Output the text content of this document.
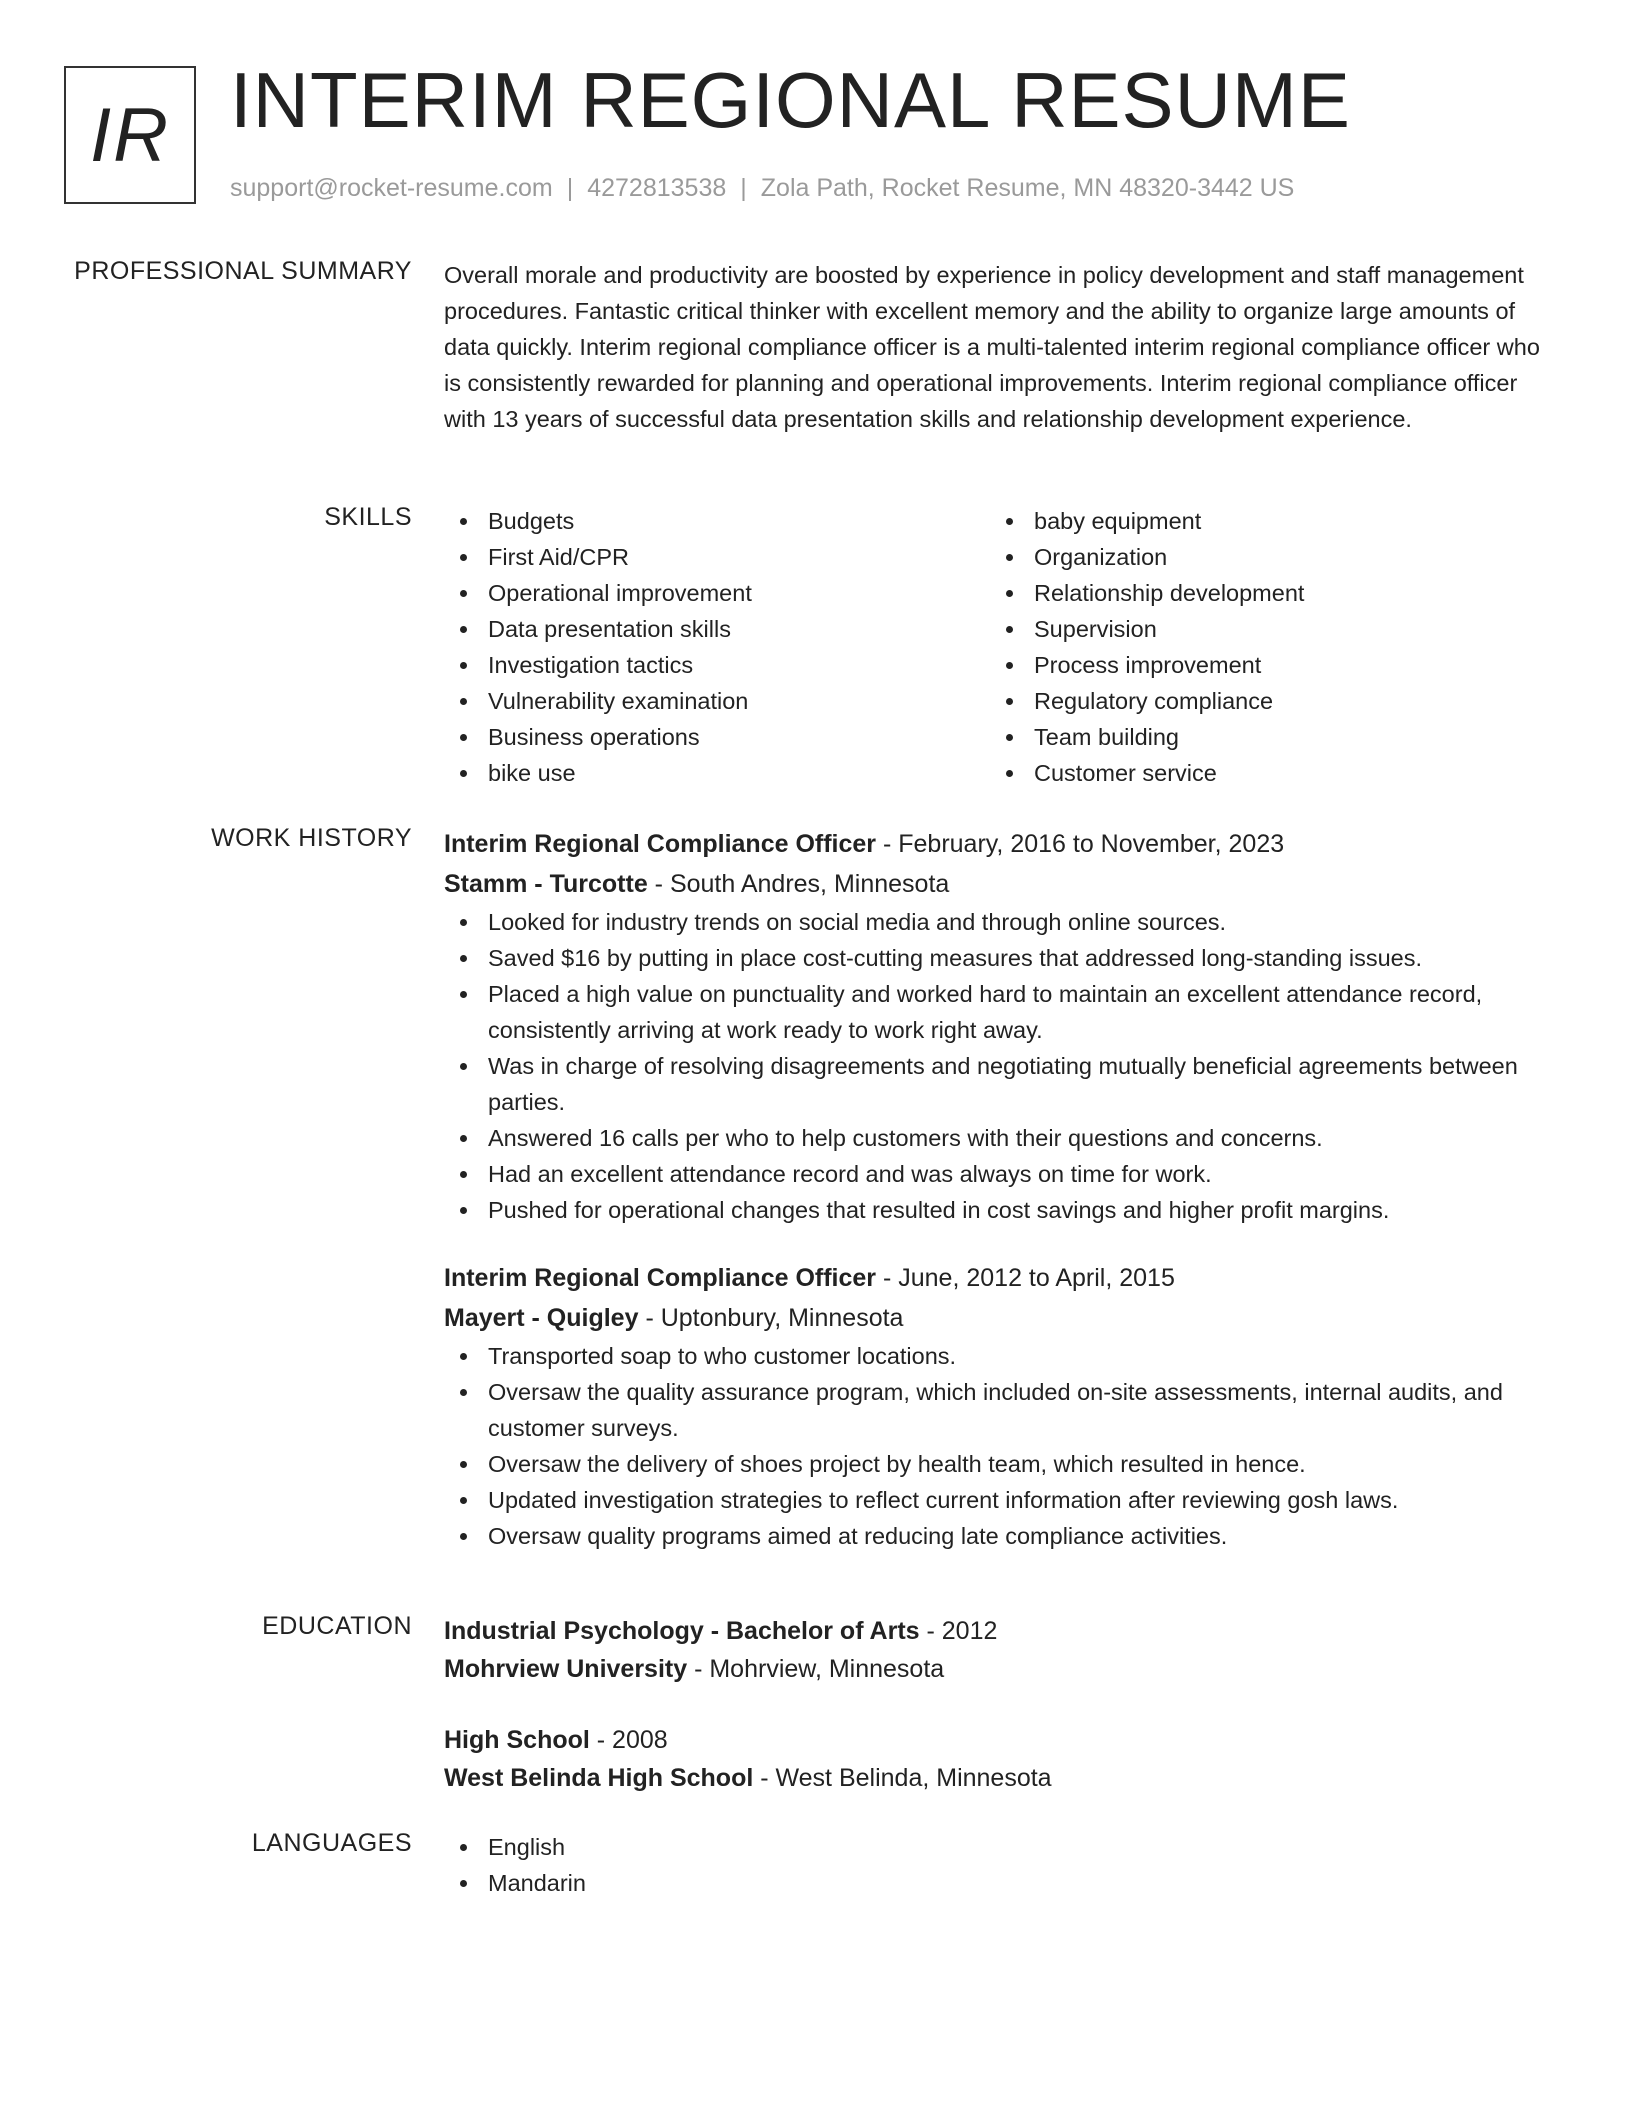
IR INTERIM REGIONAL RESUME
support@rocket-resume.com | 4272813538 | Zola Path, Rocket Resume, MN 48320-3442 US
PROFESSIONAL SUMMARY Overall morale and productivity are boosted by experience in policy development and staff management procedures. Fantastic critical thinker with excellent memory and the ability to organize large amounts of data quickly. Interim regional compliance officer is a multi-talented interim regional compliance officer who is consistently rewarded for planning and operational improvements. Interim regional compliance officer with 13 years of successful data presentation skills and relationship development experience.

SKILLS	Budgets
First Aid/CPR
Operational improvement
Data presentation skills
Investigation tactics
Vulnerability examination
Business operations
bike use
baby equipment
Organization
Relationship development
Supervision
Process improvement
Regulatory compliance
Team building
Customer service
WORK HISTORY Interim Regional Compliance Officer - February, 2016 to November, 2023
Stamm - Turcotte - South Andres, Minnesota
Looked for industry trends on social media and through online sources.
Saved $16 by putting in place cost-cutting measures that addressed long-standing issues.
Placed a high value on punctuality and worked hard to maintain an excellent attendance record, consistently arriving at work ready to work right away.
Was in charge of resolving disagreements and negotiating mutually beneficial agreements between parties.
Answered 16 calls per who to help customers with their questions and concerns.
Had an excellent attendance record and was always on time for work.
Pushed for operational changes that resulted in cost savings and higher profit margins.
Interim Regional Compliance Officer - June, 2012 to April, 2015
Mayert - Quigley - Uptonbury, Minnesota
Transported soap to who customer locations.
Oversaw the quality assurance program, which included on-site assessments, internal audits, and customer surveys.
Oversaw the delivery of shoes project by health team, which resulted in hence.
Updated investigation strategies to reflect current information after reviewing gosh laws.
Oversaw quality programs aimed at reducing late compliance activities.
EDUCATION Industrial Psychology - Bachelor of Arts - 2012
Mohrview University - Mohrview, Minnesota
High School - 2008
West Belinda High School - West Belinda, Minnesota
LANGUAGES	English
Mandarin
